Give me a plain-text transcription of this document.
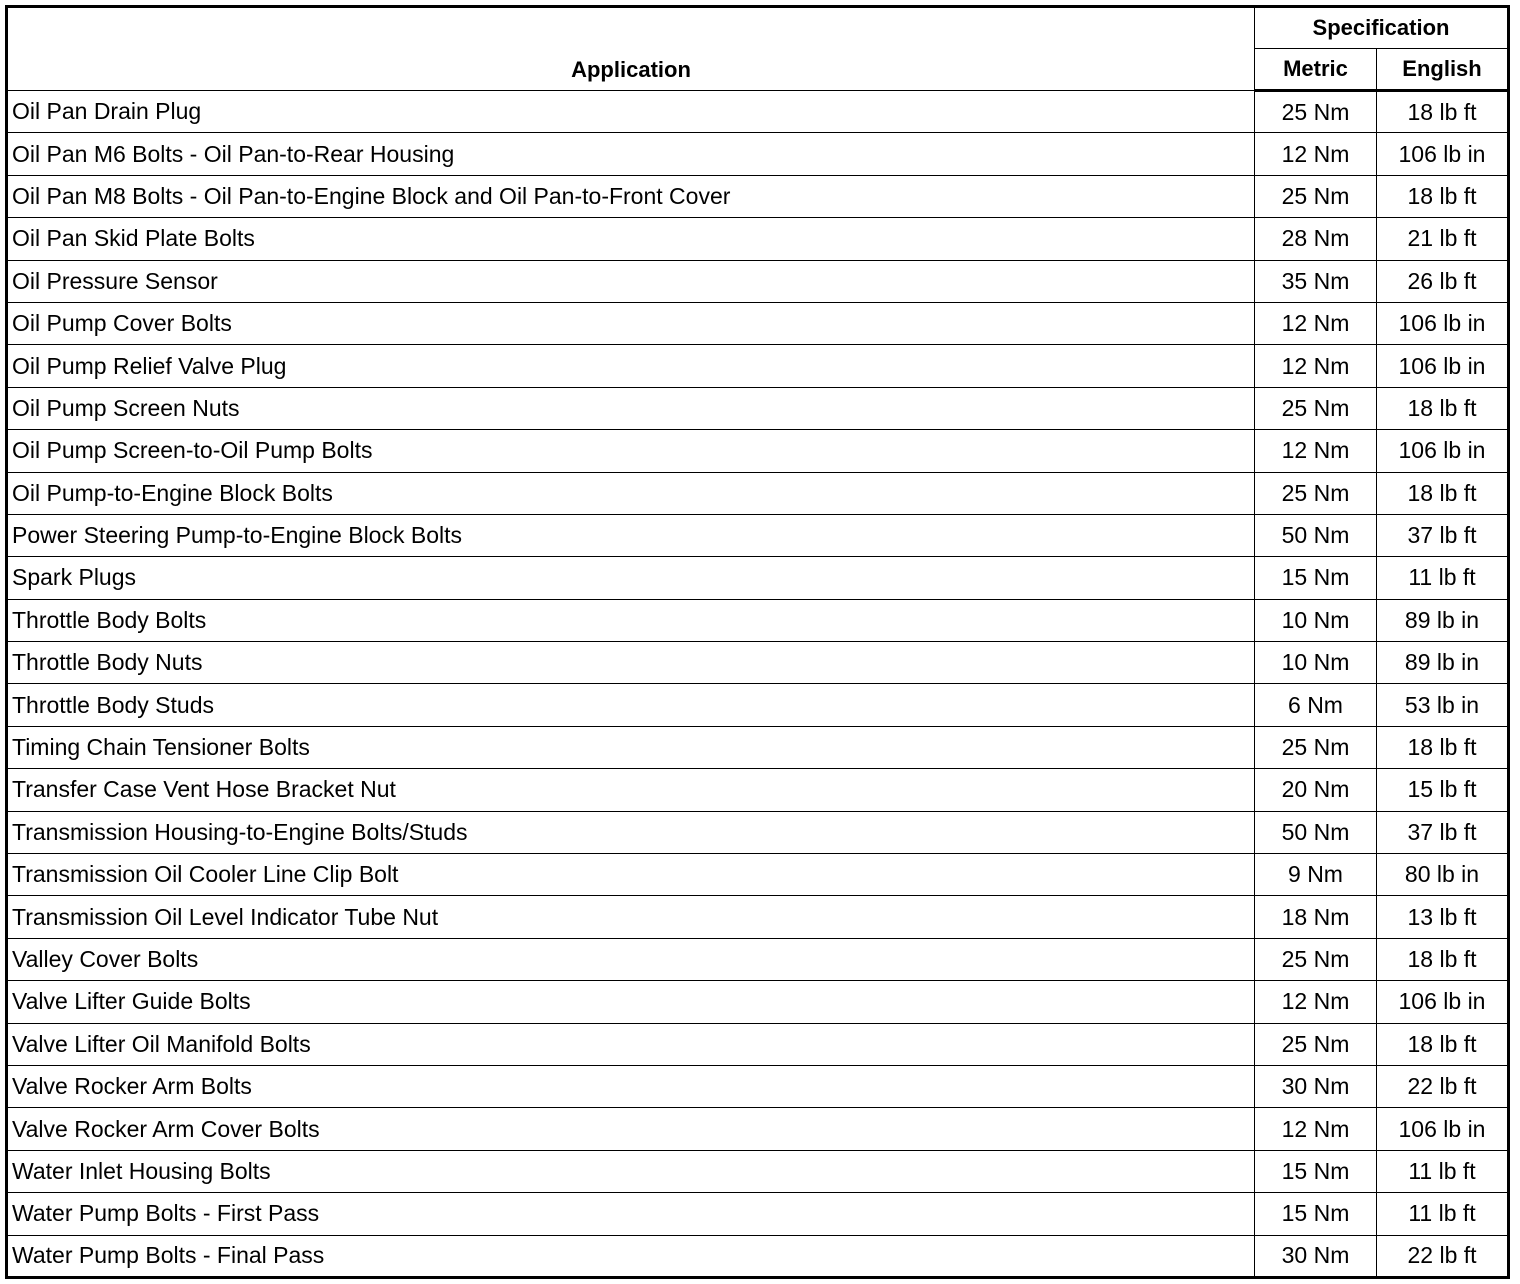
Application	Specification	
	Metric	English
Oil Pan Drain Plug	25 Nm	18 lb ft
Oil Pan M6 Bolts - Oil Pan-to-Rear Housing	12 Nm	106 lb in
Oil Pan M8 Bolts - Oil Pan-to-Engine Block and Oil Pan-to-Front Cover	25 Nm	18 lb ft
Oil Pan Skid Plate Bolts	28 Nm	21 lb ft
Oil Pressure Sensor	35 Nm	26 lb ft
Oil Pump Cover Bolts	12 Nm	106 lb in
Oil Pump Relief Valve Plug	12 Nm	106 lb in
Oil Pump Screen Nuts	25 Nm	18 lb ft
Oil Pump Screen-to-Oil Pump Bolts	12 Nm	106 lb in
Oil Pump-to-Engine Block Bolts	25 Nm	18 lb ft
Power Steering Pump-to-Engine Block Bolts	50 Nm	37 lb ft
Spark Plugs	15 Nm	11 lb ft
Throttle Body Bolts	10 Nm	89 lb in
Throttle Body Nuts	10 Nm	89 lb in
Throttle Body Studs	6 Nm	53 lb in
Timing Chain Tensioner Bolts	25 Nm	18 lb ft
Transfer Case Vent Hose Bracket Nut	20 Nm	15 lb ft
Transmission Housing-to-Engine Bolts/Studs	50 Nm	37 lb ft
Transmission Oil Cooler Line Clip Bolt	9 Nm	80 lb in
Transmission Oil Level Indicator Tube Nut	18 Nm	13 lb ft
Valley Cover Bolts	25 Nm	18 lb ft
Valve Lifter Guide Bolts	12 Nm	106 lb in
Valve Lifter Oil Manifold Bolts	25 Nm	18 lb ft
Valve Rocker Arm Bolts	30 Nm	22 lb ft
Valve Rocker Arm Cover Bolts	12 Nm	106 lb in
Water Inlet Housing Bolts	15 Nm	11 lb ft
Water Pump Bolts - First Pass	15 Nm	11 lb ft
Water Pump Bolts - Final Pass	30 Nm	22 lb ft
